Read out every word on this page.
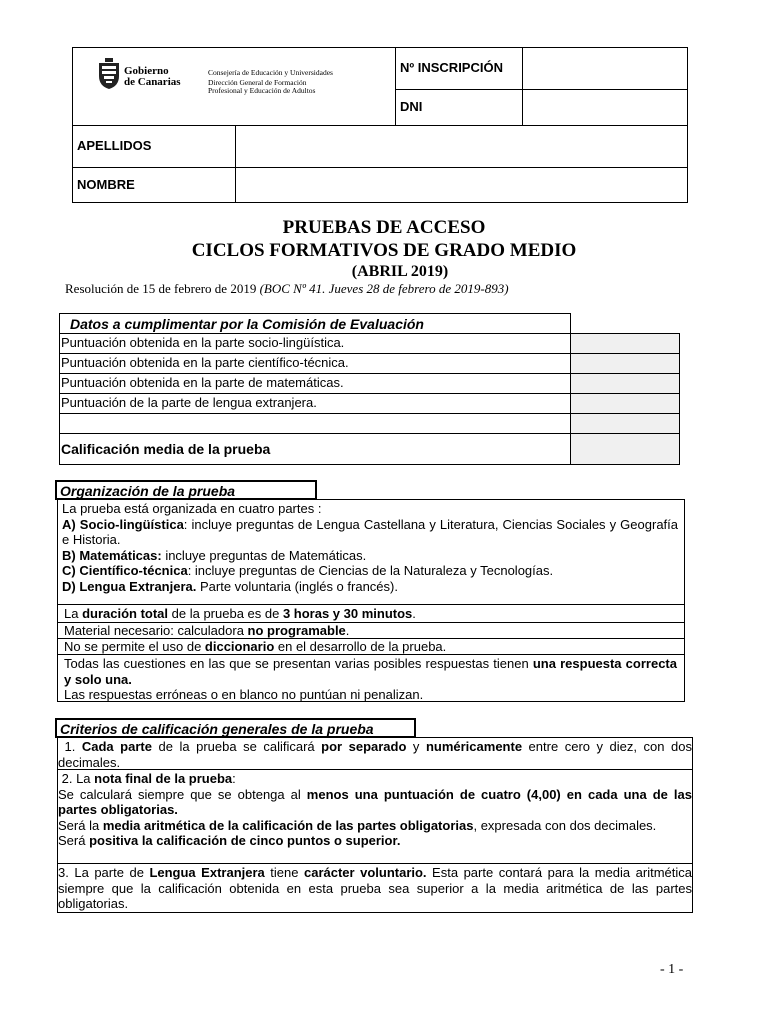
Gobierno
de Canarias
Consejería de Educación y Universidades
Dirección General de Formación
Profesional y Educación de Adultos
Nº INSCRIPCIÓN
DNI
APELLIDOS
NOMBRE
PRUEBAS DE ACCESO
CICLOS FORMATIVOS DE GRADO MEDIO
(ABRIL 2019)
Resolución de 15 de febrero de 2019 (BOC Nº 41. Jueves 28 de febrero de 2019-893)
Datos a cumplimentar por la Comisión de Evaluación
Puntuación obtenida en la parte socio-lingüística.
Puntuación obtenida en la parte científico-técnica.
Puntuación obtenida en la parte de matemáticas.
Puntuación de la parte de lengua extranjera.
Calificación media de la prueba
Organización de la prueba
La prueba está organizada en cuatro partes :
A) Socio-lingüística: incluye preguntas de Lengua Castellana y Literatura, Ciencias Sociales y Geografía e Historia.
B) Matemáticas: incluye preguntas de Matemáticas.
C) Científico-técnica: incluye preguntas de Ciencias de la Naturaleza y Tecnologías.
D) Lengua Extranjera. Parte voluntaria (inglés o francés).
La duración total de la prueba es de 3 horas y 30 minutos.
Material necesario: calculadora no programable.
No se permite el uso de diccionario en el desarrollo de la prueba.
Todas las cuestiones en las que se presentan varias posibles respuestas tienen una respuesta correcta y solo una.
Las respuestas erróneas o en blanco no puntúan ni penalizan.
Criterios de calificación generales de la prueba
1. Cada parte de la prueba se calificará por separado y numéricamente entre cero y diez, con dos decimales.
2. La nota final de la prueba:
Se calculará siempre que se obtenga al menos una puntuación de cuatro (4,00) en cada una de las partes obligatorias.
Será la media aritmética de la calificación de las partes obligatorias, expresada con dos decimales.
Será positiva la calificación de cinco puntos o superior.
3. La parte de Lengua Extranjera tiene carácter voluntario. Esta parte contará para la media aritmética siempre que la calificación obtenida en esta prueba sea superior a la media aritmética de las partes obligatorias.
- 1 -
